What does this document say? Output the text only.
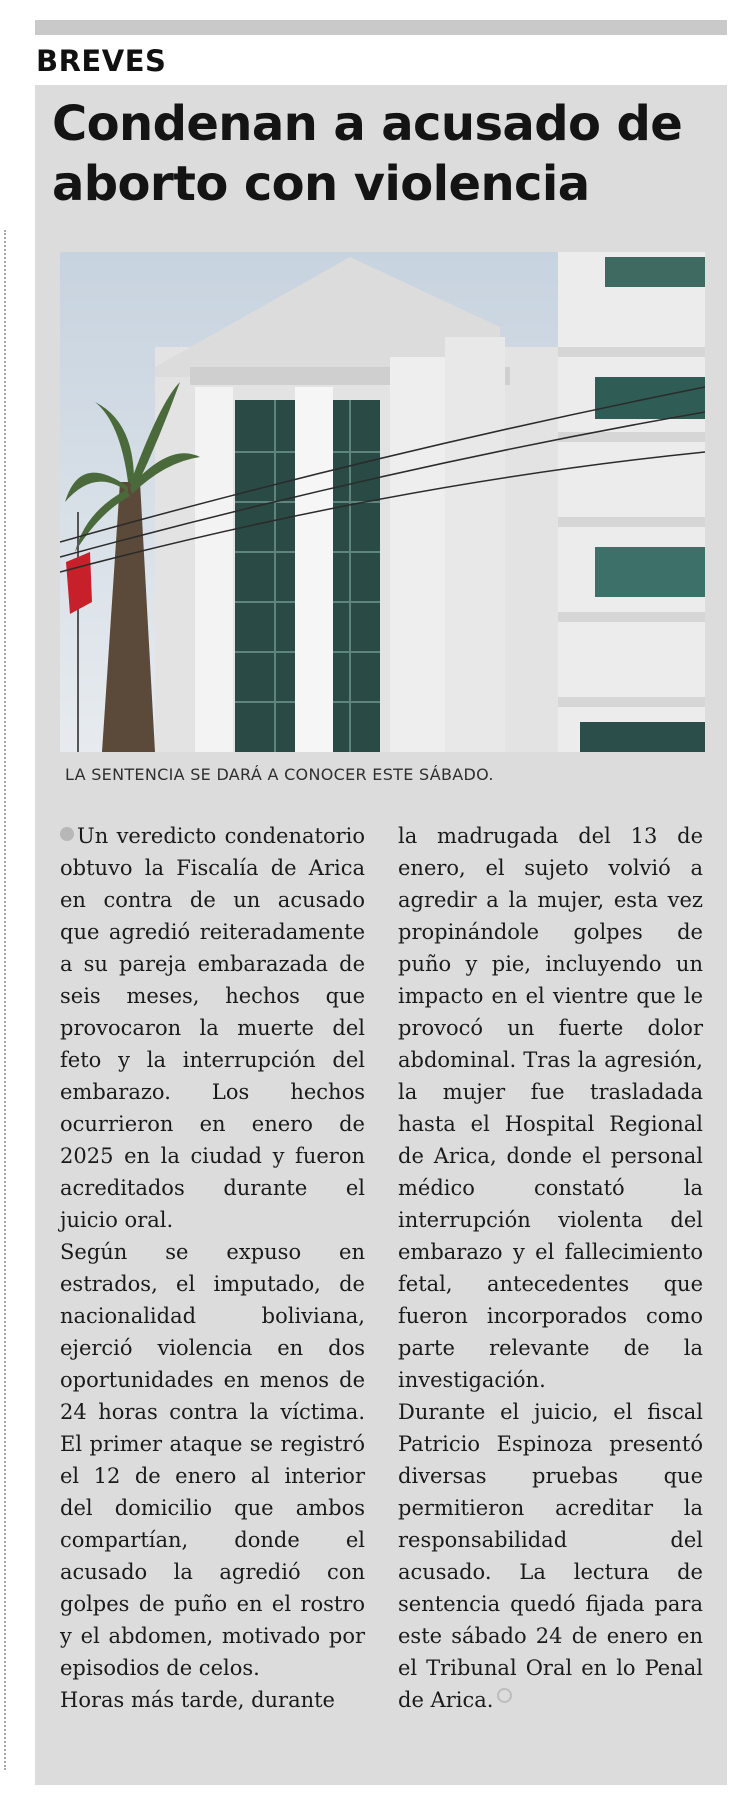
BREVES
Condenan a acusado de aborto con violencia

LA SENTENCIA SE DARÁ A CONOCER ESTE SÁBADO.

Un veredicto condenatorio obtuvo la Fiscalía de Arica en contra de un acusado que agredió reiteradamente a su pareja embarazada de seis meses, hechos que provocaron la muerte del feto y la interrupción del embarazo. Los hechos ocurrieron en enero de 2025 en la ciudad y fueron acreditados durante el juicio oral.

Según se expuso en estrados, el imputado, de nacionalidad boliviana, ejerció violencia en dos oportunidades en menos de 24 horas contra la víctima. El primer ataque se registró el 12 de enero al interior del domicilio que ambos compartían, donde el acusado la agredió con golpes de puño en el rostro y el abdomen, motivado por episodios de celos.

Horas más tarde, durante

la madrugada del 13 de enero, el sujeto volvió a agredir a la mujer, esta vez propinándole golpes de puño y pie, incluyendo un impacto en el vientre que le provocó un fuerte dolor abdominal. Tras la agresión, la mujer fue trasladada hasta el Hospital Regional de Arica, donde el personal médico constató la interrupción violenta del embarazo y el fallecimiento fetal, antecedentes que fueron incorporados como parte relevante de la investigación.

Durante el juicio, el fiscal Patricio Espinoza presentó diversas pruebas que permitieron acreditar la responsabilidad del acusado. La lectura de sentencia quedó fijada para este sábado 24 de enero en el Tribunal Oral en lo Penal de Arica.
